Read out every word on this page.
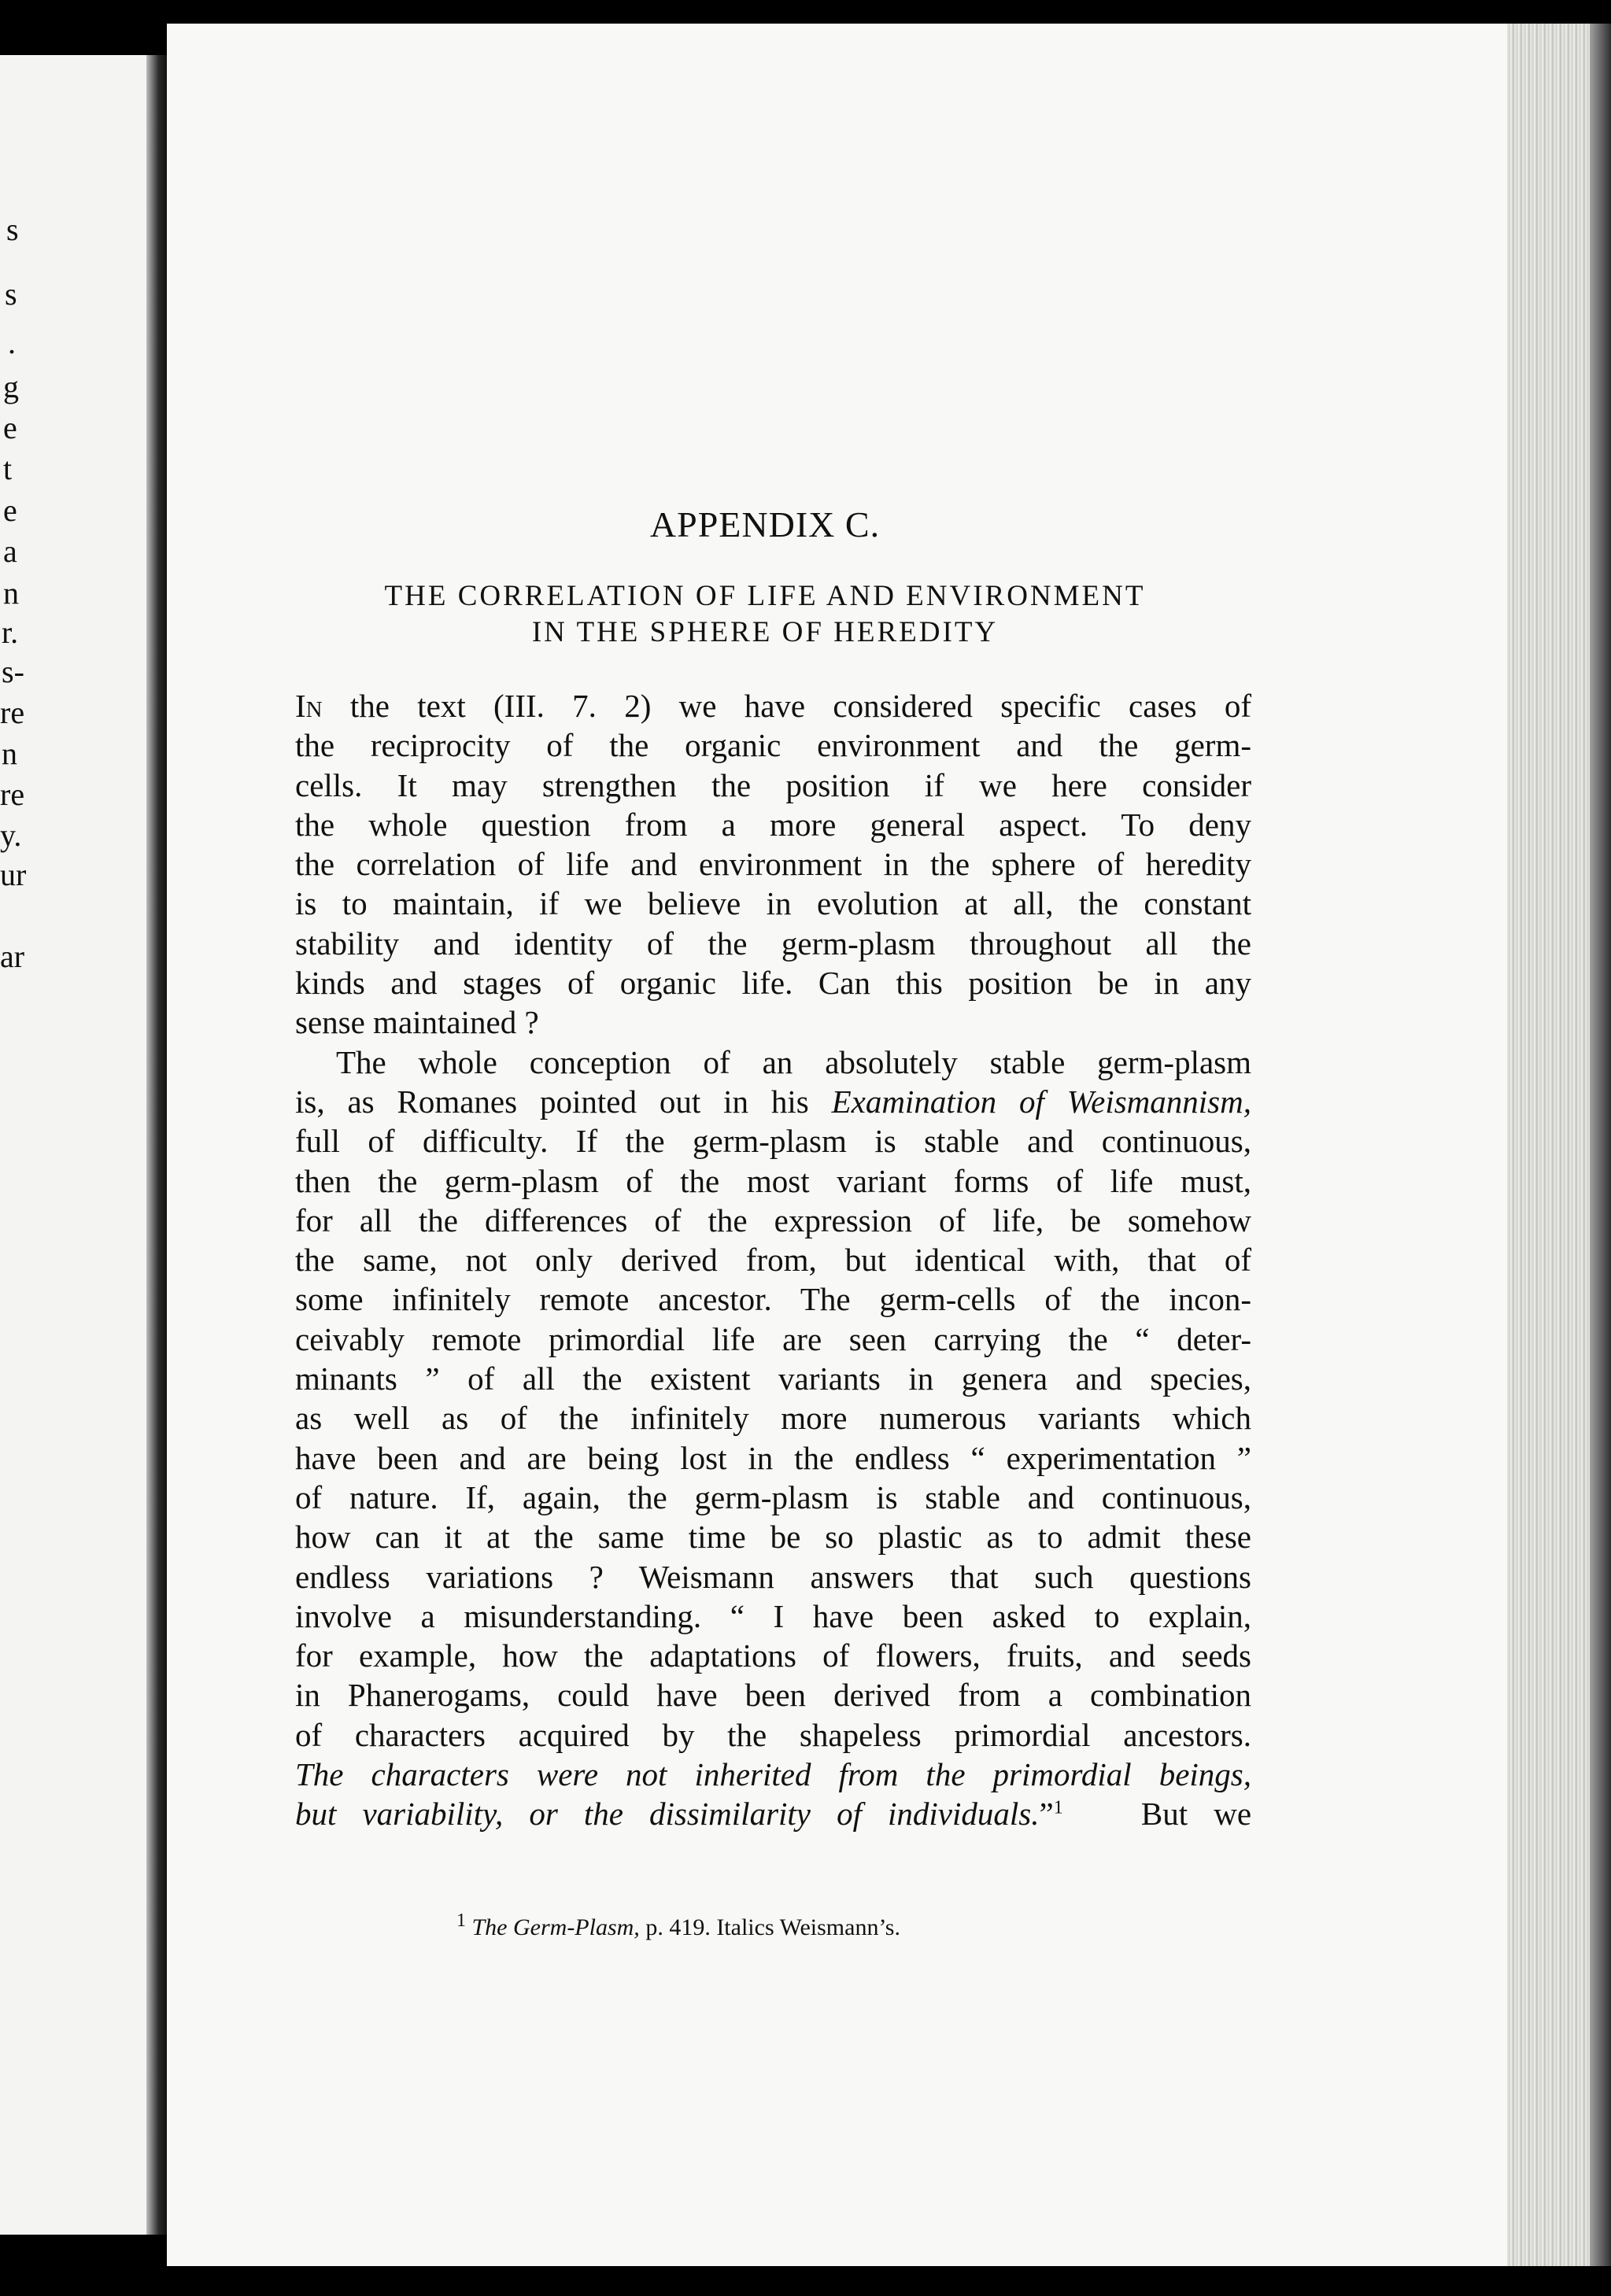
s
s
.
g
e
t
e
a
n
r.
s-
re
n
re
y.
ur
ar
APPENDIX C.
THE CORRELATION OF LIFE AND ENVIRONMENT
IN THE SPHERE OF HEREDITY
In the text (III. 7. 2) we have considered specific cases of
the reciprocity of the organic environment and the germ-
cells. It may strengthen the position if we here consider
the whole question from a more general aspect. To deny
the correlation of life and environment in the sphere of heredity
is to maintain, if we believe in evolution at all, the constant
stability and identity of the germ-plasm throughout all the
kinds and stages of organic life. Can this position be in any
sense maintained ?
The whole conception of an absolutely stable germ-plasm
is, as Romanes pointed out in his Examination of Weismannism,
full of difficulty. If the germ-plasm is stable and continuous,
then the germ-plasm of the most variant forms of life must,
for all the differences of the expression of life, be somehow
the same, not only derived from, but identical with, that of
some infinitely remote ancestor. The germ-cells of the incon-
ceivably remote primordial life are seen carrying the “ deter-
minants ” of all the existent variants in genera and species,
as well as of the infinitely more numerous variants which
have been and are being lost in the endless “ experimentation ”
of nature. If, again, the germ-plasm is stable and continuous,
how can it at the same time be so plastic as to admit these
endless variations ? Weismann answers that such questions
involve a misunderstanding. “ I have been asked to explain,
for example, how the adaptations of flowers, fruits, and seeds
in Phanerogams, could have been derived from a combination
of characters acquired by the shapeless primordial ancestors.
The characters were not inherited from the primordial beings,
but variability, or the dissimilarity of individuals.”$^1$ But we
$^1$ The Germ-Plasm, p. 419. Italics Weismann’s.
